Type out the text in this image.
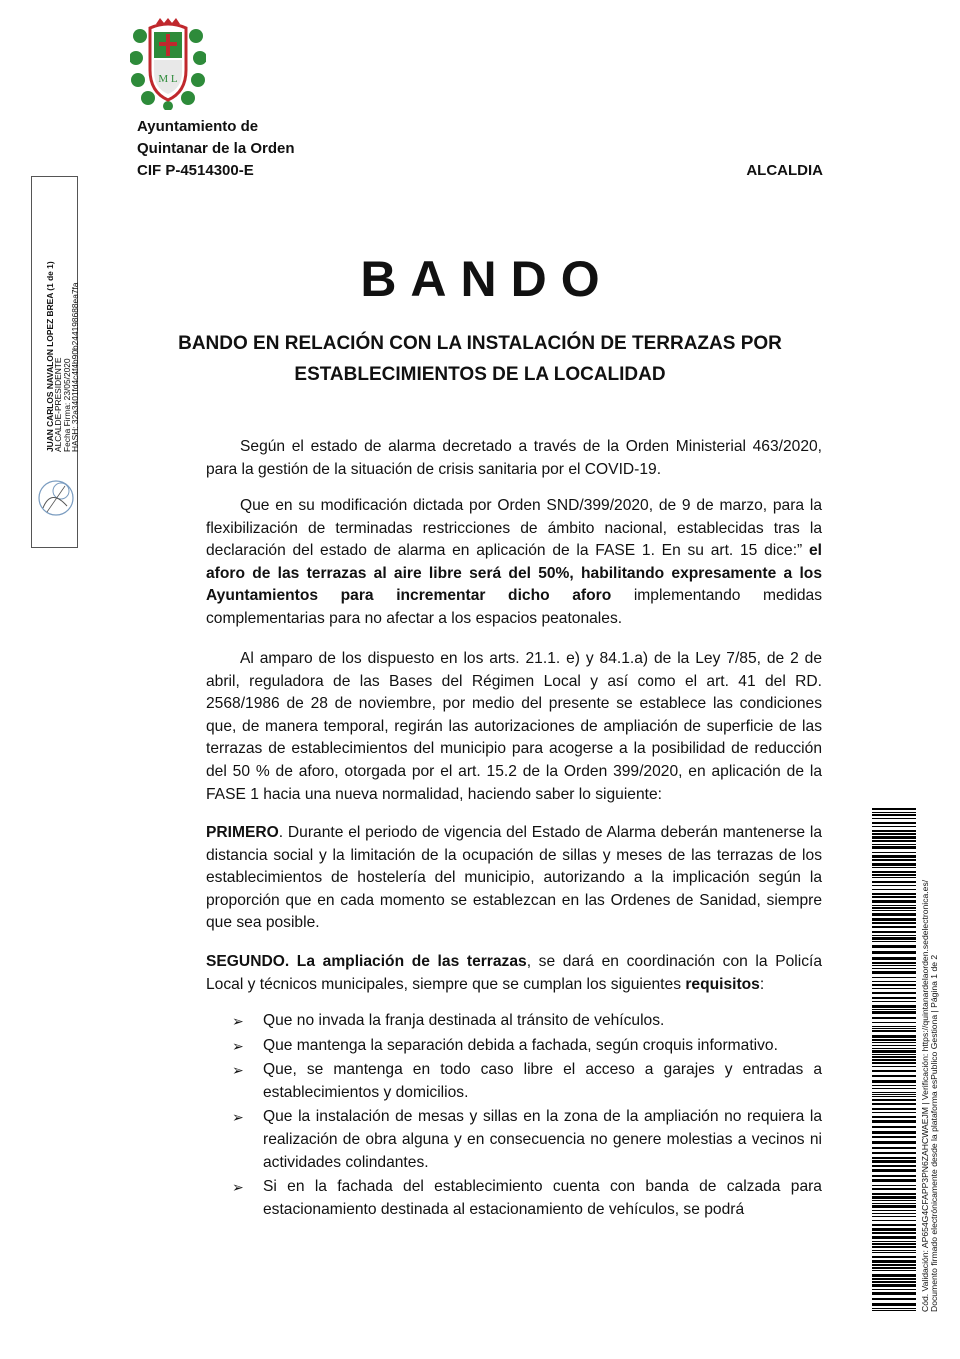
M L
Ayuntamiento de
Quintanar de la Orden
CIF P-4514300-E	ALCALDIA
BANDO
BANDO EN RELACIÓN CON LA INSTALACIÓN DE TERRAZAS POR
ESTABLECIMIENTOS DE LA LOCALIDAD
Según el estado de alarma decretado a través de la Orden Ministerial 463/2020, para la gestión de la situación de crisis sanitaria por el COVID-19.
Que en su modificación dictada por Orden SND/399/2020, de 9 de marzo, para la flexibilización de terminadas restricciones de ámbito nacional, establecidas tras la declaración del estado de alarma en aplicación de la FASE 1. En su art. 15 dice:” el aforo de las terrazas al aire libre será del 50%, habilitando expresamente a los Ayuntamientos para incrementar dicho aforo implementando medidas complementarias para no afectar a los espacios peatonales.
Al amparo de los dispuesto en los arts. 21.1. e) y 84.1.a) de la Ley 7/85, de 2 de abril, reguladora de las Bases del Régimen Local y así como el art. 41 del RD. 2568/1986 de 28 de noviembre, por medio del presente se establece las condiciones que, de manera temporal, regirán las autorizaciones de ampliación de superficie de las terrazas de establecimientos del municipio para acogerse a la posibilidad de reducción del 50 % de aforo, otorgada por el art. 15.2 de la Orden 399/2020, en aplicación de la FASE 1 hacia una nueva normalidad, haciendo saber lo siguiente:
PRIMERO. Durante el periodo de vigencia del Estado de Alarma deberán mantenerse la distancia social y la limitación de la ocupación de sillas y meses de las terrazas de los establecimientos de hostelería del municipio, autorizando a la implicación según la proporción que en cada momento se establezcan en las Ordenes de Sanidad, siempre que sea posible.
SEGUNDO. La ampliación de las terrazas, se dará en coordinación con la Policía Local y técnicos municipales, siempre que se cumplan los siguientes requisitos:
➢ Que no invada la franja destinada al tránsito de vehículos.
➢ Que mantenga la separación debida a fachada, según croquis informativo.
➢ Que, se mantenga en todo caso libre el acceso a garajes y entradas a establecimientos y domicilios.
➢ Que la instalación de mesas y sillas en la zona de la ampliación no requiera la realización de obra alguna y en consecuencia no genere molestias a vecinos ni actividades colindantes.
➢ Si en la fachada del establecimiento cuenta con banda de calzada para estacionamiento destinada al estacionamiento de vehículos, se podrá
JUAN CARLOS NAVALON LOPEZ BREA (1 de 1)
ALCALDE-PRESIDENTE
Fecha Firma: 23/05/2020
HASH: 32a3401fd4c4f4b90b244198688ea7fa
Cód. Validación: AP654G4CFAPP3PN6ZAHCWAEJM | Verificación: https://quintanardelaorden.sedelectronica.es/ Documento firmado electrónicamente desde la plataforma esPublico Gestiona | Página 1 de 2
